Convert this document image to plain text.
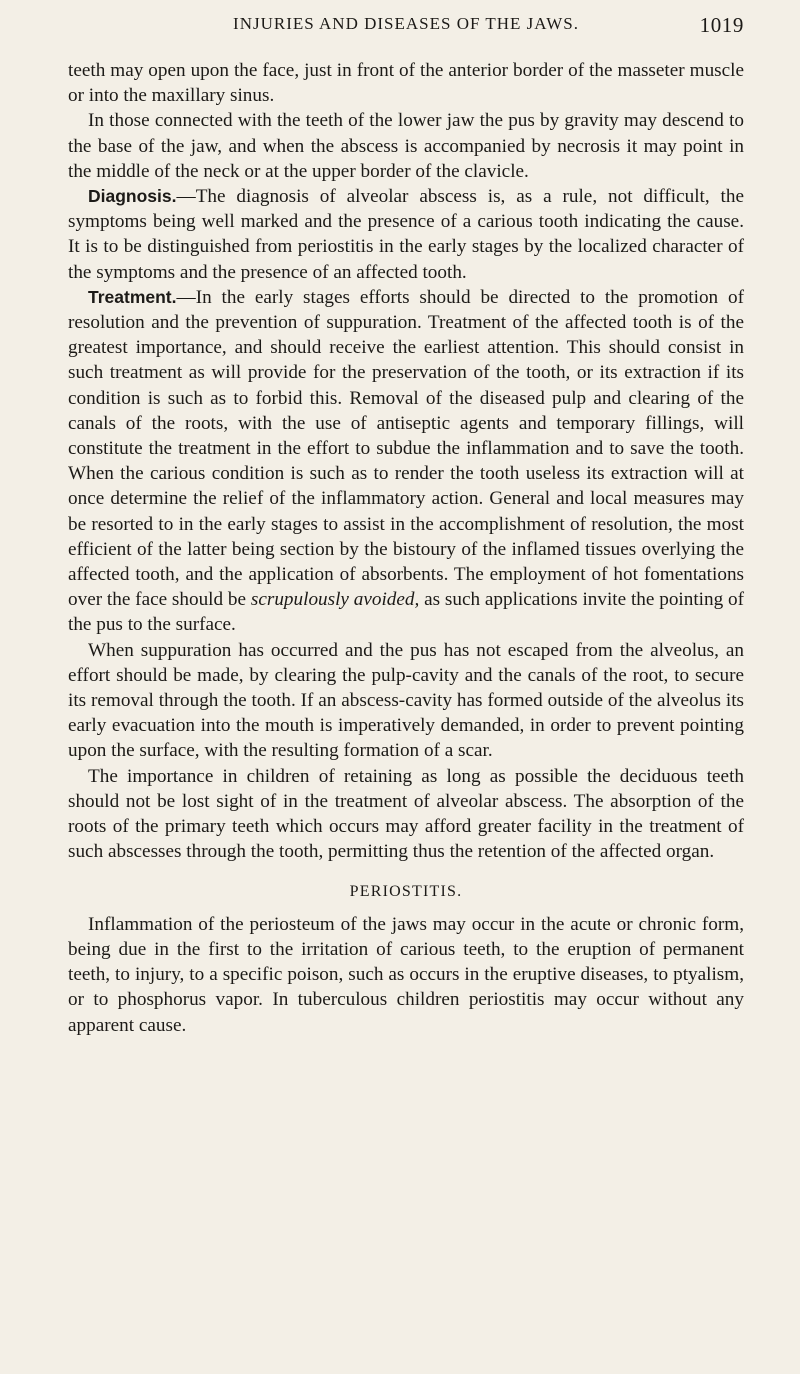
INJURIES AND DISEASES OF THE JAWS.	1019

teeth may open upon the face, just in front of the anterior border of the masseter muscle or into the maxillary sinus.

In those connected with the teeth of the lower jaw the pus by gravity may descend to the base of the jaw, and when the abscess is accompanied by necrosis it may point in the middle of the neck or at the upper border of the clavicle.

Diagnosis.—The diagnosis of alveolar abscess is, as a rule, not difficult, the symptoms being well marked and the presence of a carious tooth indicating the cause. It is to be distinguished from periostitis in the early stages by the localized character of the symptoms and the presence of an affected tooth.

Treatment.—In the early stages efforts should be directed to the promotion of resolution and the prevention of suppuration. Treatment of the affected tooth is of the greatest importance, and should receive the earliest attention. This should consist in such treatment as will provide for the preservation of the tooth, or its extraction if its condition is such as to forbid this. Removal of the diseased pulp and clearing of the canals of the roots, with the use of antiseptic agents and temporary fillings, will constitute the treatment in the effort to subdue the inflammation and to save the tooth. When the carious condition is such as to render the tooth useless its extraction will at once determine the relief of the inflammatory action. General and local measures may be resorted to in the early stages to assist in the accomplishment of resolution, the most efficient of the latter being section by the bistoury of the inflamed tissues overlying the affected tooth, and the application of absorbents. The employment of hot fomentations over the face should be scrupulously avoided, as such applications invite the pointing of the pus to the surface.

When suppuration has occurred and the pus has not escaped from the alveolus, an effort should be made, by clearing the pulp-cavity and the canals of the root, to secure its removal through the tooth. If an abscess-cavity has formed outside of the alveolus its early evacuation into the mouth is imperatively demanded, in order to prevent pointing upon the surface, with the resulting formation of a scar.

The importance in children of retaining as long as possible the deciduous teeth should not be lost sight of in the treatment of alveolar abscess. The absorption of the roots of the primary teeth which occurs may afford greater facility in the treatment of such abscesses through the tooth, permitting thus the retention of the affected organ.

PERIOSTITIS.

Inflammation of the periosteum of the jaws may occur in the acute or chronic form, being due in the first to the irritation of carious teeth, to the eruption of permanent teeth, to injury, to a specific poison, such as occurs in the eruptive diseases, to ptyalism, or to phosphorus vapor. In tuberculous children periostitis may occur without any apparent cause.
